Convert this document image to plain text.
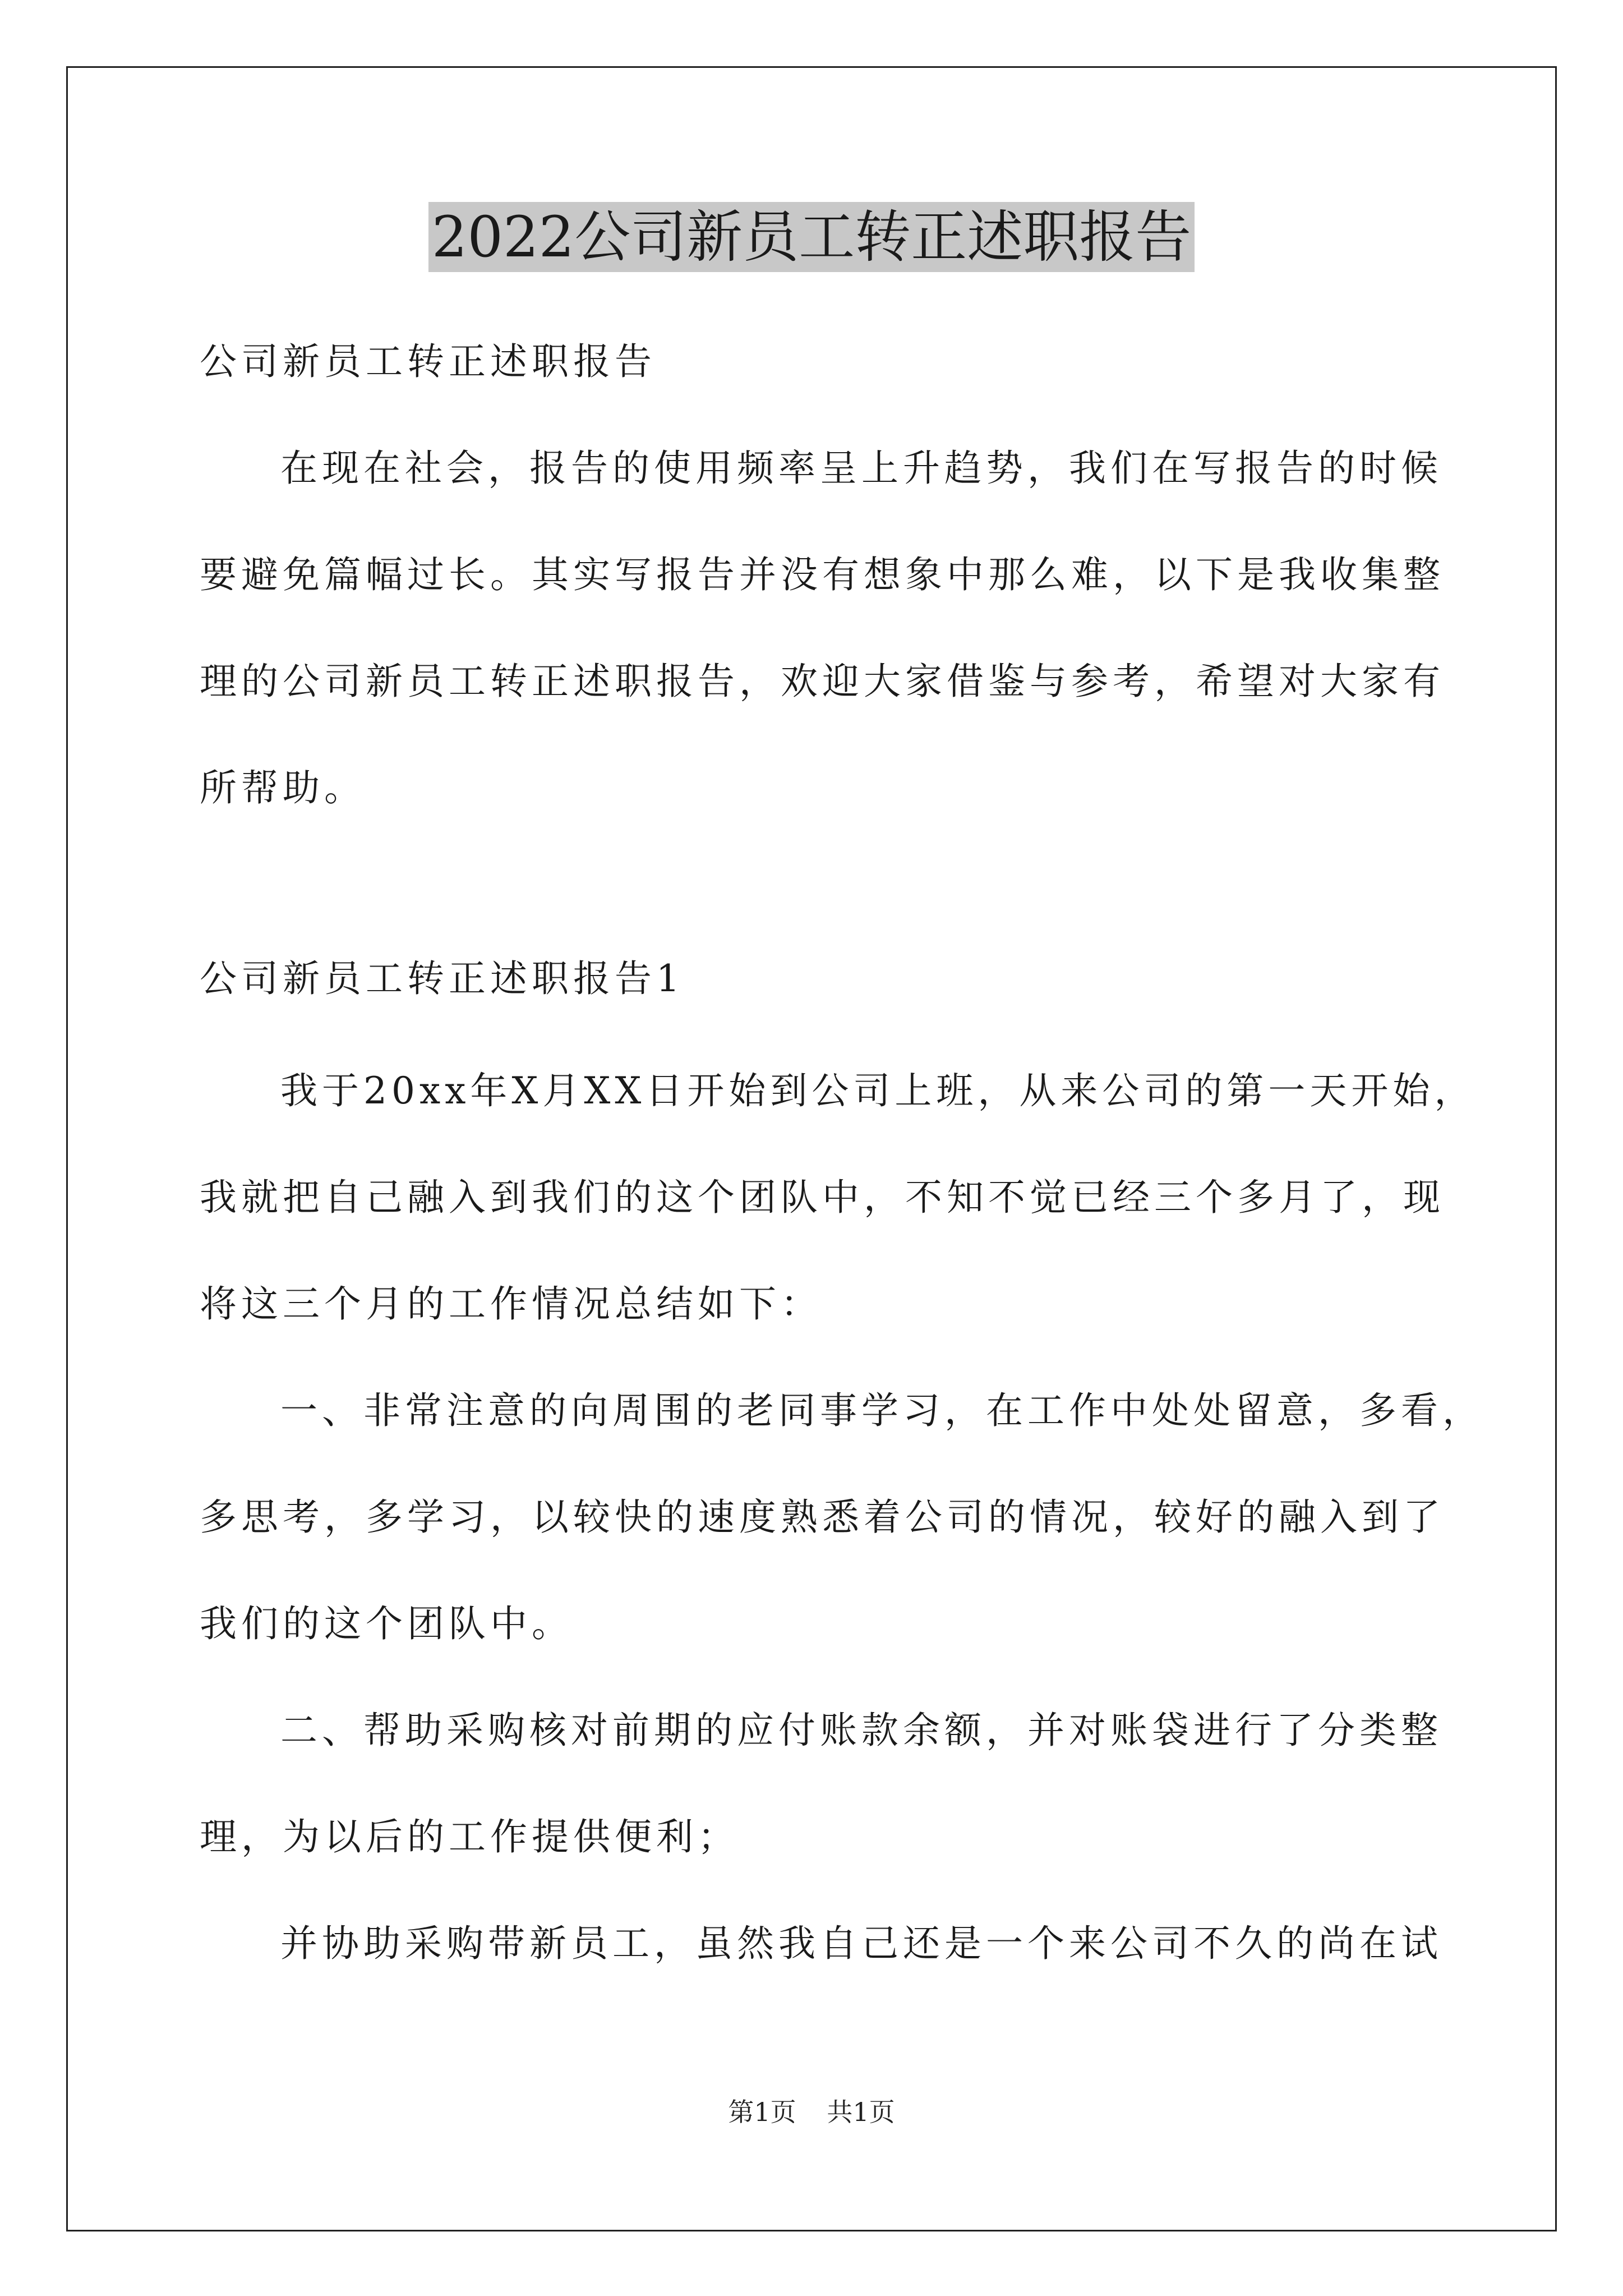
2022公司新员工转正述职报告
公司新员工转正述职报告
在现在社会，报告的使用频率呈上升趋势，我们在写报告的时候
要避免篇幅过长。其实写报告并没有想象中那么难，以下是我收集整
理的公司新员工转正述职报告，欢迎大家借鉴与参考，希望对大家有
所帮助。
公司新员工转正述职报告1
我于20xx年X月XX日开始到公司上班，从来公司的第一天开始，
我就把自己融入到我们的这个团队中，不知不觉已经三个多月了，现
将这三个月的工作情况总结如下：
一、非常注意的向周围的老同事学习，在工作中处处留意，多看，
多思考，多学习，以较快的速度熟悉着公司的情况，较好的融入到了
我们的这个团队中。
二、帮助采购核对前期的应付账款余额，并对账袋进行了分类整
理，为以后的工作提供便利；
并协助采购带新员工，虽然我自己还是一个来公司不久的尚在试
第1页 共1页
